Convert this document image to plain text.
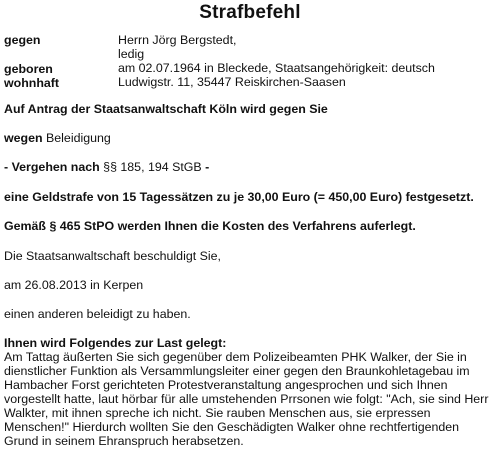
Strafbefehl
gegen	Herrn Jörg Bergstedt,
ledig
geboren	am 02.07.1964 in Bleckede, Staatsangehörigkeit: deutsch
wohnhaft	Ludwigstr. 11, 35447 Reiskirchen-Saasen
Auf Antrag der Staatsanwaltschaft Köln wird gegen Sie
wegen Beleidigung
- Vergehen nach §§ 185, 194 StGB -
eine Geldstrafe von 15 Tagessätzen zu je 30,00 Euro (= 450,00 Euro) festgesetzt.
Gemäß § 465 StPO werden Ihnen die Kosten des Verfahrens auferlegt.
Die Staatsanwaltschaft beschuldigt Sie,
am 26.08.2013 in Kerpen
einen anderen beleidigt zu haben.
Ihnen wird Folgendes zur Last gelegt:
Am Tattag äußerten Sie sich gegenüber dem Polizeibeamten PHK Walker, der Sie in dienstlicher Funktion als Versammlungsleiter einer gegen den Braunkohletagebau im Hambacher Forst gerichteten Protestveranstaltung angesprochen und sich Ihnen vorgestellt hatte, laut hörbar für alle umstehenden Prrsonen wie folgt: "Ach, sie sind Herr Walkter, mit ihnen spreche ich nicht. Sie rauben Menschen aus, sie erpressen Menschen!" Hierdurch wollten Sie den Geschädigten Walker ohne rechtfertigenden Grund in seinem Ehranspruch herabsetzen.
